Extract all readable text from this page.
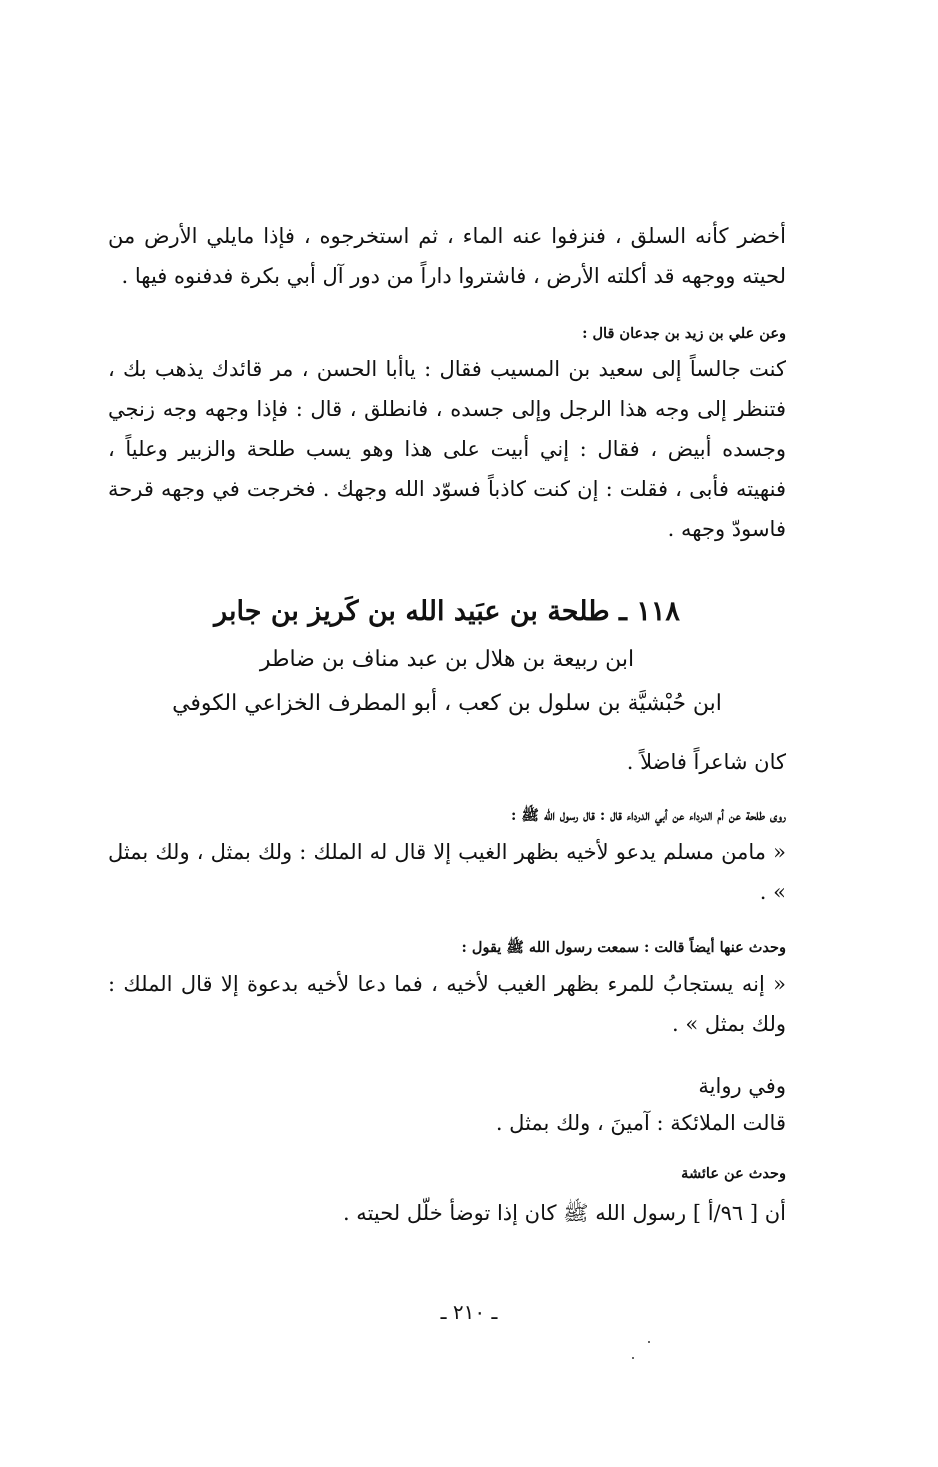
أخضر كأنه السلق ، فنزفوا عنه الماء ، ثم استخرجوه ، فإذا مايلي الأرض من لحيته ووجهه قد أكلته الأرض ، فاشتروا داراً من دور آل أبي بكرة فدفنوه فيها .
وعن علي بن زيد بن جدعان قال :
كنت جالساً إلى سعيد بن المسيب فقال : ياأبا الحسن ، مر قائدك يذهب بك ، فتنظر إلى وجه هذا الرجل وإلى جسده ، فانطلق ، قال : فإذا وجهه وجه زنجي وجسده أبيض ، فقال : إني أبيت على هذا وهو يسب طلحة والزبير وعلياً ، فنهيته فأبى ، فقلت : إن كنت كاذباً فسوّد الله وجهك . فخرجت في وجهه قرحة فاسودّ وجهه .
١١٨ ـ طلحة بن عبَيد الله بن كَريز بن جابر
ابن ربيعة بن هلال بن عبد مناف بن ضاطر
ابن حُبْشيَّة بن سلول بن كعب ، أبو المطرف الخزاعي الكوفي
كان شاعراً فاضلاً .
روى طلحة عن أم الدرداء عن أبي الدرداء قال : قال رسول الله ﷺ :
« مامن مسلم يدعو لأخيه بظهر الغيب إلا قال له الملك : ولك بمثل ، ولك بمثل » .
وحدث عنها أيضاً قالت : سمعت رسول الله ﷺ يقول :
« إنه يستجابُ للمرء بظهر الغيب لأخيه ، فما دعا لأخيه بدعوة إلا قال الملك : ولك بمثل » .
وفي رواية
قالت الملائكة : آمينَ ، ولك بمثل .
وحدث عن عائشة
أن [ ٩٦/أ ] رسول الله ﷺ كان إذا توضأ خلّل لحيته .
ـ ٢١٠ ـ
